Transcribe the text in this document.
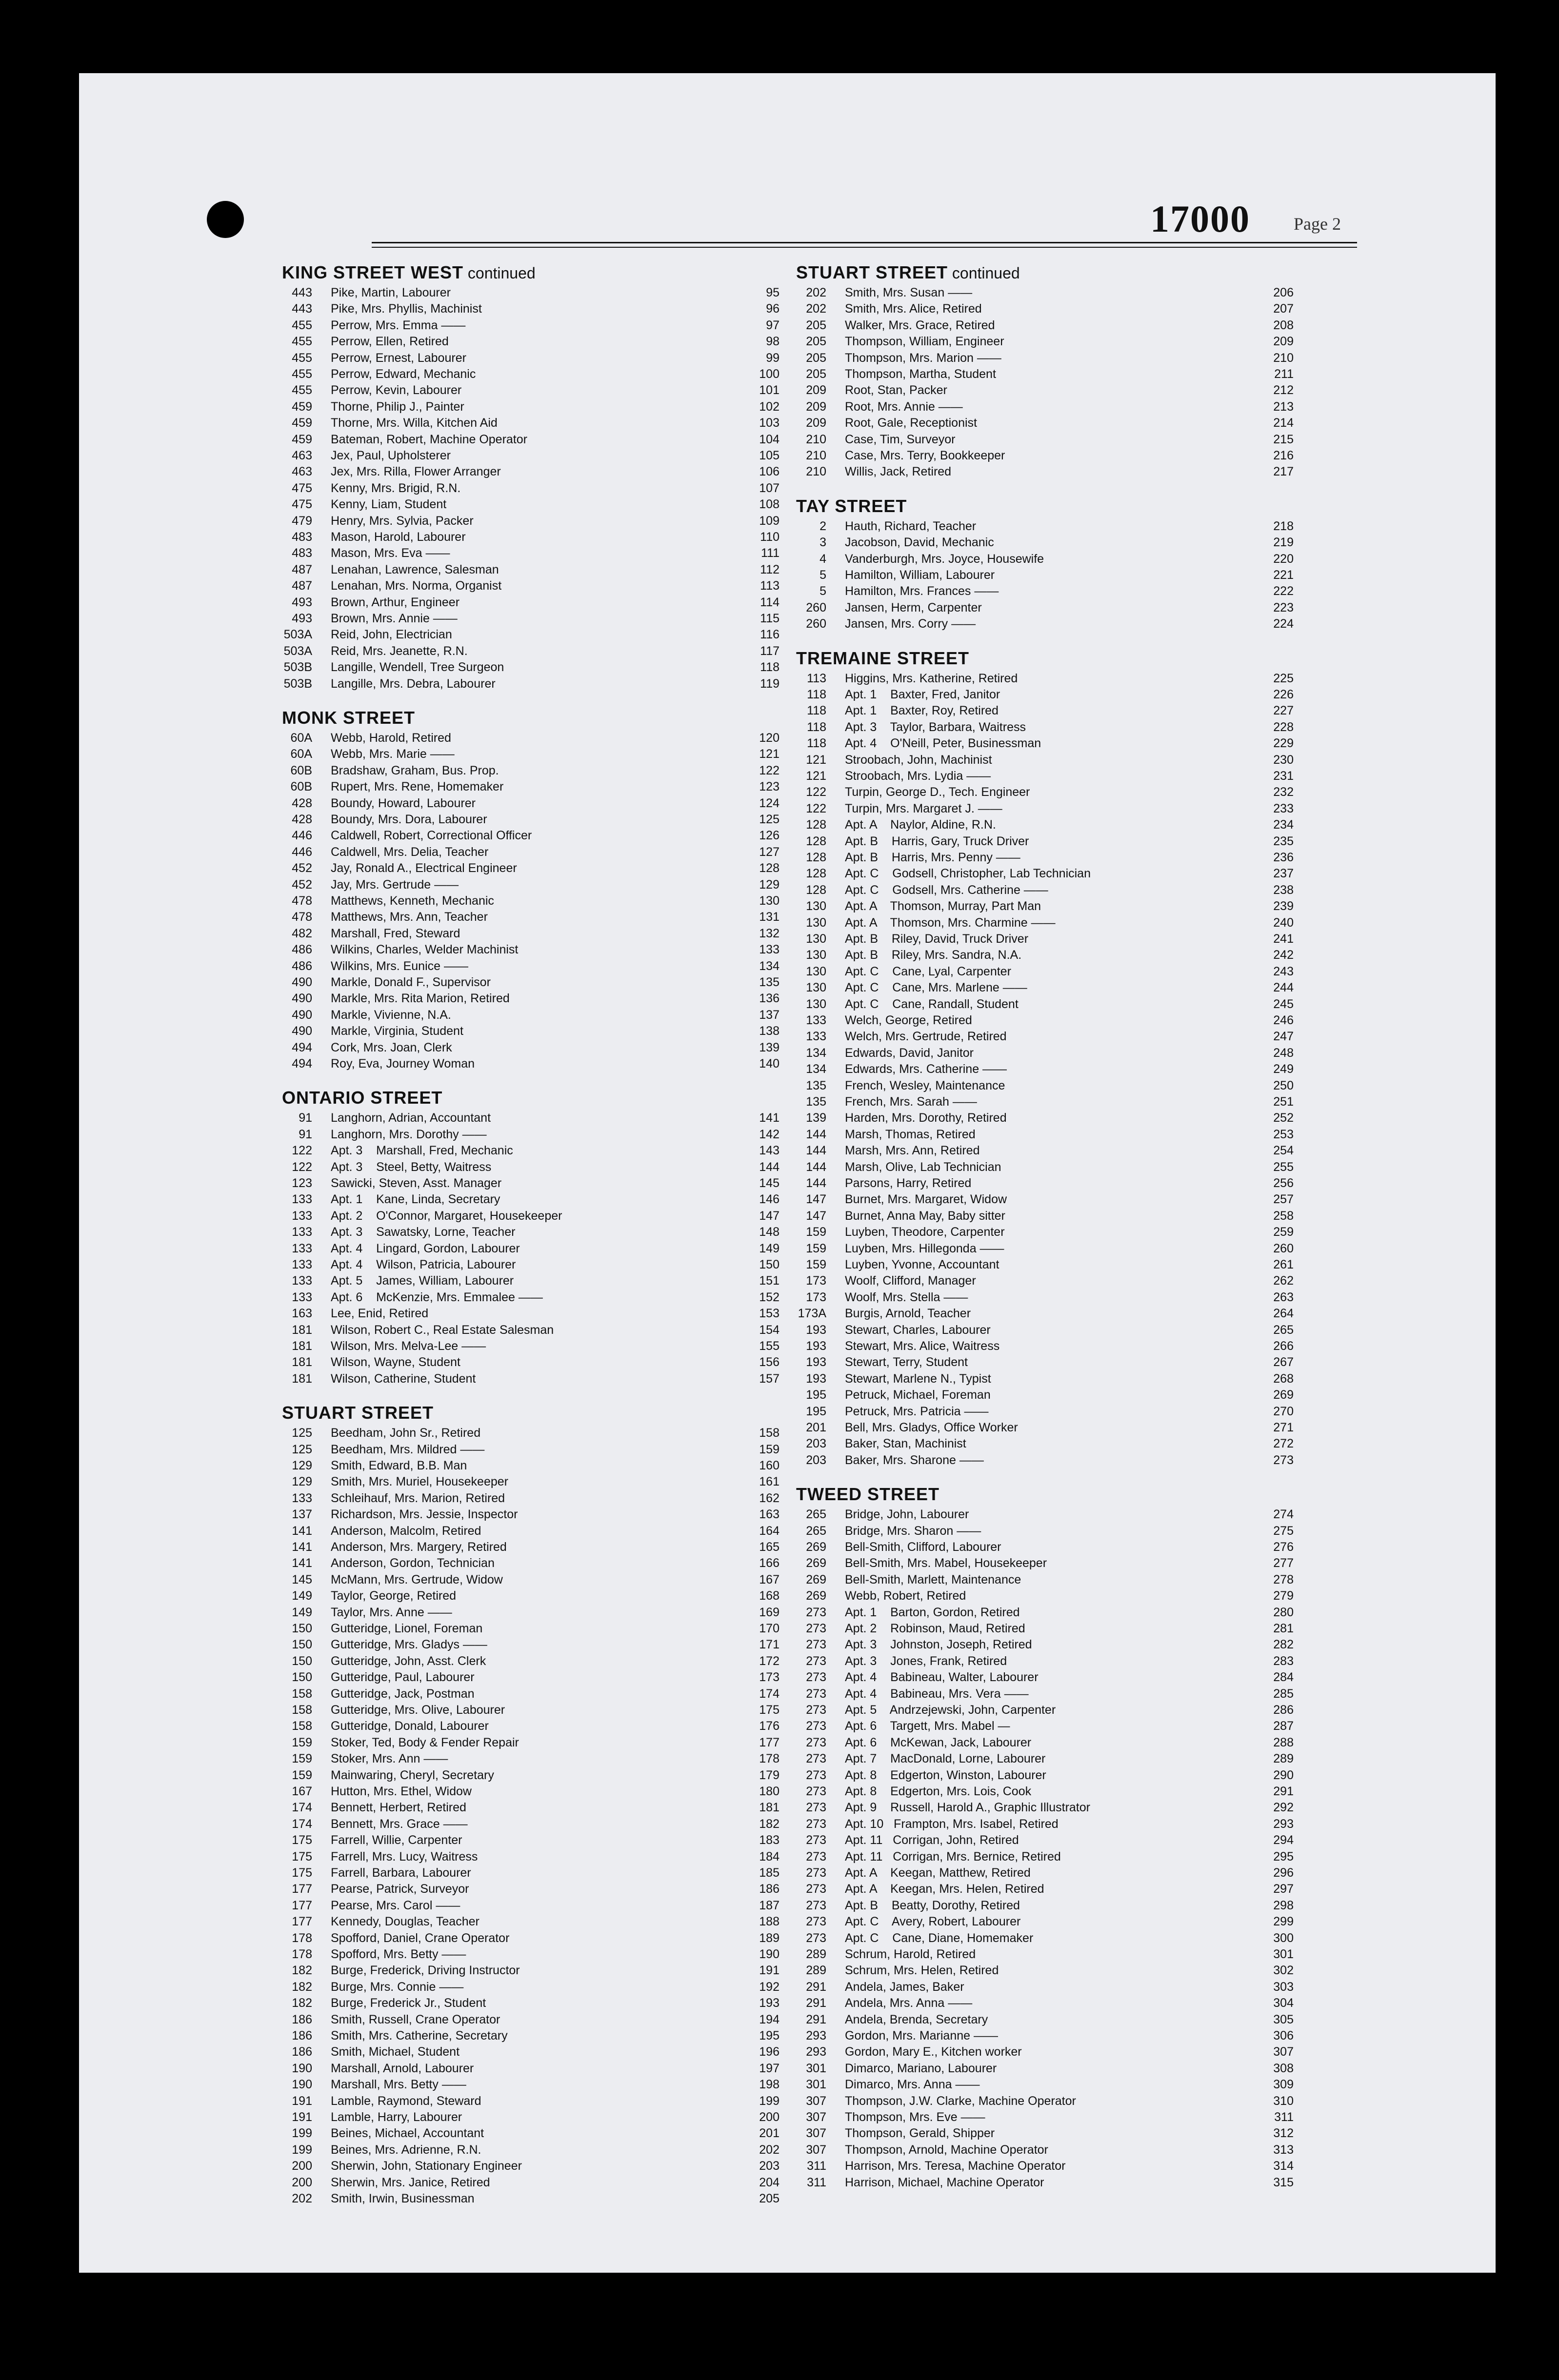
17000 Page 2
KING STREET WEST continued
443 Pike, Martin, Labourer	95
443 Pike, Mrs. Phyllis, Machinist	96
455 Perrow, Mrs. Emma ——	97
455 Perrow, Ellen, Retired	98
455 Perrow, Ernest, Labourer	99
455 Perrow, Edward, Mechanic	100
455 Perrow, Kevin, Labourer	101
459 Thorne, Philip J., Painter	102
459 Thorne, Mrs. Willa, Kitchen Aid	103
459 Bateman, Robert, Machine Operator	104
463 Jex, Paul, Upholsterer	105
463 Jex, Mrs. Rilla, Flower Arranger	106
475 Kenny, Mrs. Brigid, R.N.	107
475 Kenny, Liam, Student	108
479 Henry, Mrs. Sylvia, Packer	109
483 Mason, Harold, Labourer	110
483 Mason, Mrs. Eva ——	111
487 Lenahan, Lawrence, Salesman	112
487 Lenahan, Mrs. Norma, Organist	113
493 Brown, Arthur, Engineer	114
493 Brown, Mrs. Annie ——	115
503A Reid, John, Electrician	116
503A Reid, Mrs. Jeanette, R.N.	117
503B Langille, Wendell, Tree Surgeon	118
503B Langille, Mrs. Debra, Labourer	119
MONK STREET
60A Webb, Harold, Retired	120
60A Webb, Mrs. Marie ——	121
60B Bradshaw, Graham, Bus. Prop.	122
60B Rupert, Mrs. Rene, Homemaker	123
428 Boundy, Howard, Labourer	124
428 Boundy, Mrs. Dora, Labourer	125
446 Caldwell, Robert, Correctional Officer	126
446 Caldwell, Mrs. Delia, Teacher	127
452 Jay, Ronald A., Electrical Engineer	128
452 Jay, Mrs. Gertrude ——	129
478 Matthews, Kenneth, Mechanic	130
478 Matthews, Mrs. Ann, Teacher	131
482 Marshall, Fred, Steward	132
486 Wilkins, Charles, Welder Machinist	133
486 Wilkins, Mrs. Eunice ——	134
490 Markle, Donald F., Supervisor	135
490 Markle, Mrs. Rita Marion, Retired	136
490 Markle, Vivienne, N.A.	137
490 Markle, Virginia, Student	138
494 Cork, Mrs. Joan, Clerk	139
494 Roy, Eva, Journey Woman	140
ONTARIO STREET
91 Langhorn, Adrian, Accountant	141
91 Langhorn, Mrs. Dorothy ——	142
122 Apt. 3    Marshall, Fred, Mechanic	143
122 Apt. 3    Steel, Betty, Waitress	144
123 Sawicki, Steven, Asst. Manager	145
133 Apt. 1    Kane, Linda, Secretary	146
133 Apt. 2    O'Connor, Margaret, Housekeeper	147
133 Apt. 3    Sawatsky, Lorne, Teacher	148
133 Apt. 4    Lingard, Gordon, Labourer	149
133 Apt. 4    Wilson, Patricia, Labourer	150
133 Apt. 5    James, William, Labourer	151
133 Apt. 6    McKenzie, Mrs. Emmalee ——	152
163 Lee, Enid, Retired	153
181 Wilson, Robert C., Real Estate Salesman	154
181 Wilson, Mrs. Melva-Lee ——	155
181 Wilson, Wayne, Student	156
181 Wilson, Catherine, Student	157
STUART STREET
125 Beedham, John Sr., Retired	158
125 Beedham, Mrs. Mildred ——	159
129 Smith, Edward, B.B. Man	160
129 Smith, Mrs. Muriel, Housekeeper	161
133 Schleihauf, Mrs. Marion, Retired	162
137 Richardson, Mrs. Jessie, Inspector	163
141 Anderson, Malcolm, Retired	164
141 Anderson, Mrs. Margery, Retired	165
141 Anderson, Gordon, Technician	166
145 McMann, Mrs. Gertrude, Widow	167
149 Taylor, George, Retired	168
149 Taylor, Mrs. Anne ——	169
150 Gutteridge, Lionel, Foreman	170
150 Gutteridge, Mrs. Gladys ——	171
150 Gutteridge, John, Asst. Clerk	172
150 Gutteridge, Paul, Labourer	173
158 Gutteridge, Jack, Postman	174
158 Gutteridge, Mrs. Olive, Labourer	175
158 Gutteridge, Donald, Labourer	176
159 Stoker, Ted, Body & Fender Repair	177
159 Stoker, Mrs. Ann ——	178
159 Mainwaring, Cheryl, Secretary	179
167 Hutton, Mrs. Ethel, Widow	180
174 Bennett, Herbert, Retired	181
174 Bennett, Mrs. Grace ——	182
175 Farrell, Willie, Carpenter	183
175 Farrell, Mrs. Lucy, Waitress	184
175 Farrell, Barbara, Labourer	185
177 Pearse, Patrick, Surveyor	186
177 Pearse, Mrs. Carol ——	187
177 Kennedy, Douglas, Teacher	188
178 Spofford, Daniel, Crane Operator	189
178 Spofford, Mrs. Betty ——	190
182 Burge, Frederick, Driving Instructor	191
182 Burge, Mrs. Connie ——	192
182 Burge, Frederick Jr., Student	193
186 Smith, Russell, Crane Operator	194
186 Smith, Mrs. Catherine, Secretary	195
186 Smith, Michael, Student	196
190 Marshall, Arnold, Labourer	197
190 Marshall, Mrs. Betty ——	198
191 Lamble, Raymond, Steward	199
191 Lamble, Harry, Labourer	200
199 Beines, Michael, Accountant	201
199 Beines, Mrs. Adrienne, R.N.	202
200 Sherwin, John, Stationary Engineer	203
200 Sherwin, Mrs. Janice, Retired	204
202 Smith, Irwin, Businessman	205
STUART STREET continued
202 Smith, Mrs. Susan ——	206
202 Smith, Mrs. Alice, Retired	207
205 Walker, Mrs. Grace, Retired	208
205 Thompson, William, Engineer	209
205 Thompson, Mrs. Marion ——	210
205 Thompson, Martha, Student	211
209 Root, Stan, Packer	212
209 Root, Mrs. Annie ——	213
209 Root, Gale, Receptionist	214
210 Case, Tim, Surveyor	215
210 Case, Mrs. Terry, Bookkeeper	216
210 Willis, Jack, Retired	217
TAY STREET
2 Hauth, Richard, Teacher	218
3 Jacobson, David, Mechanic	219
4 Vanderburgh, Mrs. Joyce, Housewife	220
5 Hamilton, William, Labourer	221
5 Hamilton, Mrs. Frances ——	222
260 Jansen, Herm, Carpenter	223
260 Jansen, Mrs. Corry ——	224
TREMAINE STREET
113 Higgins, Mrs. Katherine, Retired	225
118 Apt. 1    Baxter, Fred, Janitor	226
118 Apt. 1    Baxter, Roy, Retired	227
118 Apt. 3    Taylor, Barbara, Waitress	228
118 Apt. 4    O'Neill, Peter, Businessman	229
121 Stroobach, John, Machinist	230
121 Stroobach, Mrs. Lydia ——	231
122 Turpin, George D., Tech. Engineer	232
122 Turpin, Mrs. Margaret J. ——	233
128 Apt. A    Naylor, Aldine, R.N.	234
128 Apt. B    Harris, Gary, Truck Driver	235
128 Apt. B    Harris, Mrs. Penny ——	236
128 Apt. C    Godsell, Christopher, Lab Technician	237
128 Apt. C    Godsell, Mrs. Catherine ——	238
130 Apt. A    Thomson, Murray, Part Man	239
130 Apt. A    Thomson, Mrs. Charmine ——	240
130 Apt. B    Riley, David, Truck Driver	241
130 Apt. B    Riley, Mrs. Sandra, N.A.	242
130 Apt. C    Cane, Lyal, Carpenter	243
130 Apt. C    Cane, Mrs. Marlene ——	244
130 Apt. C    Cane, Randall, Student	245
133 Welch, George, Retired	246
133 Welch, Mrs. Gertrude, Retired	247
134 Edwards, David, Janitor	248
134 Edwards, Mrs. Catherine ——	249
135 French, Wesley, Maintenance	250
135 French, Mrs. Sarah ——	251
139 Harden, Mrs. Dorothy, Retired	252
144 Marsh, Thomas, Retired	253
144 Marsh, Mrs. Ann, Retired	254
144 Marsh, Olive, Lab Technician	255
144 Parsons, Harry, Retired	256
147 Burnet, Mrs. Margaret, Widow	257
147 Burnet, Anna May, Baby sitter	258
159 Luyben, Theodore, Carpenter	259
159 Luyben, Mrs. Hillegonda ——	260
159 Luyben, Yvonne, Accountant	261
173 Woolf, Clifford, Manager	262
173 Woolf, Mrs. Stella ——	263
173A Burgis, Arnold, Teacher	264
193 Stewart, Charles, Labourer	265
193 Stewart, Mrs. Alice, Waitress	266
193 Stewart, Terry, Student	267
193 Stewart, Marlene N., Typist	268
195 Petruck, Michael, Foreman	269
195 Petruck, Mrs. Patricia ——	270
201 Bell, Mrs. Gladys, Office Worker	271
203 Baker, Stan, Machinist	272
203 Baker, Mrs. Sharone ——	273
TWEED STREET
265 Bridge, John, Labourer	274
265 Bridge, Mrs. Sharon ——	275
269 Bell-Smith, Clifford, Labourer	276
269 Bell-Smith, Mrs. Mabel, Housekeeper	277
269 Bell-Smith, Marlett, Maintenance	278
269 Webb, Robert, Retired	279
273 Apt. 1    Barton, Gordon, Retired	280
273 Apt. 2    Robinson, Maud, Retired	281
273 Apt. 3    Johnston, Joseph, Retired	282
273 Apt. 3    Jones, Frank, Retired	283
273 Apt. 4    Babineau, Walter, Labourer	284
273 Apt. 4    Babineau, Mrs. Vera ——	285
273 Apt. 5    Andrzejewski, John, Carpenter	286
273 Apt. 6    Targett, Mrs. Mabel —	287
273 Apt. 6    McKewan, Jack, Labourer	288
273 Apt. 7    MacDonald, Lorne, Labourer	289
273 Apt. 8    Edgerton, Winston, Labourer	290
273 Apt. 8    Edgerton, Mrs. Lois, Cook	291
273 Apt. 9    Russell, Harold A., Graphic Illustrator	292
273 Apt. 10   Frampton, Mrs. Isabel, Retired	293
273 Apt. 11   Corrigan, John, Retired	294
273 Apt. 11   Corrigan, Mrs. Bernice, Retired	295
273 Apt. A    Keegan, Matthew, Retired	296
273 Apt. A    Keegan, Mrs. Helen, Retired	297
273 Apt. B    Beatty, Dorothy, Retired	298
273 Apt. C    Avery, Robert, Labourer	299
273 Apt. C    Cane, Diane, Homemaker	300
289 Schrum, Harold, Retired	301
289 Schrum, Mrs. Helen, Retired	302
291 Andela, James, Baker	303
291 Andela, Mrs. Anna ——	304
291 Andela, Brenda, Secretary	305
293 Gordon, Mrs. Marianne ——	306
293 Gordon, Mary E., Kitchen worker	307
301 Dimarco, Mariano, Labourer	308
301 Dimarco, Mrs. Anna ——	309
307 Thompson, J.W. Clarke, Machine Operator	310
307 Thompson, Mrs. Eve ——	311
307 Thompson, Gerald, Shipper	312
307 Thompson, Arnold, Machine Operator	313
311 Harrison, Mrs. Teresa, Machine Operator	314
311 Harrison, Michael, Machine Operator	315
